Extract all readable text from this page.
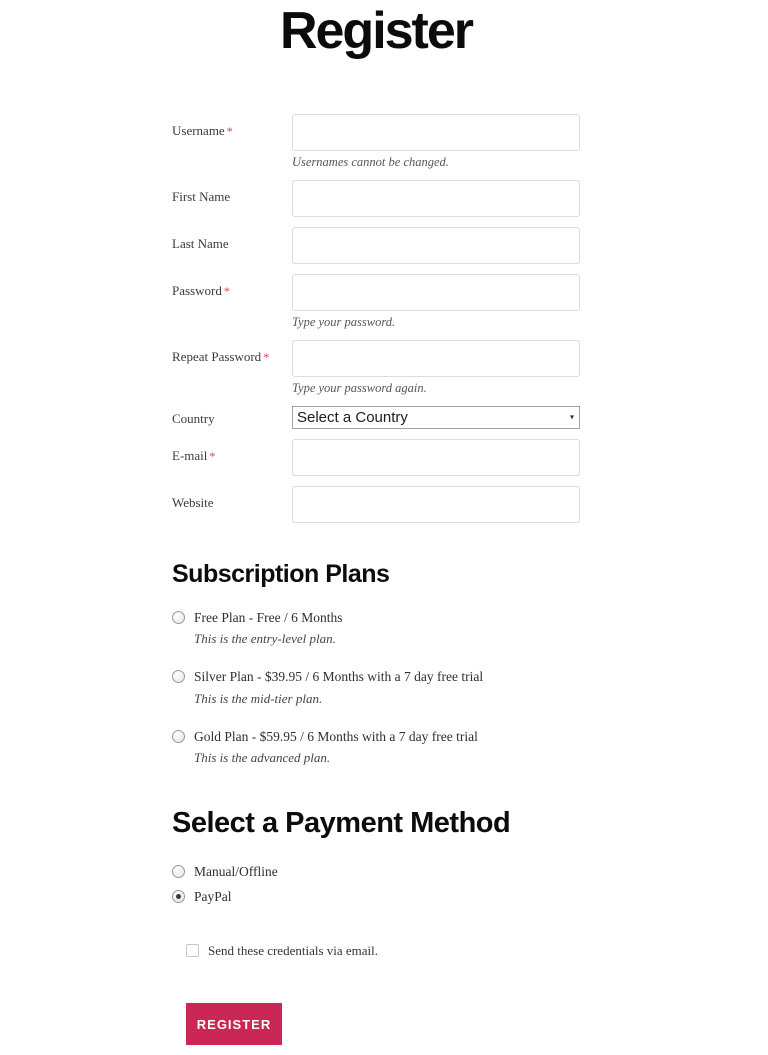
Register
Username *
Usernames cannot be changed.
First Name
Last Name
Password *
Type your password.
Repeat Password *
Type your password again.
Country
Select a Country	▾
E-mail *
Website
Subscription Plans
Free Plan - Free / 6 Months
This is the entry-level plan.
Silver Plan - $39.95 / 6 Months with a 7 day free trial
This is the mid-tier plan.
Gold Plan - $59.95 / 6 Months with a 7 day free trial
This is the advanced plan.
Select a Payment Method
Manual/Offline
PayPal
Send these credentials via email.
REGISTER
